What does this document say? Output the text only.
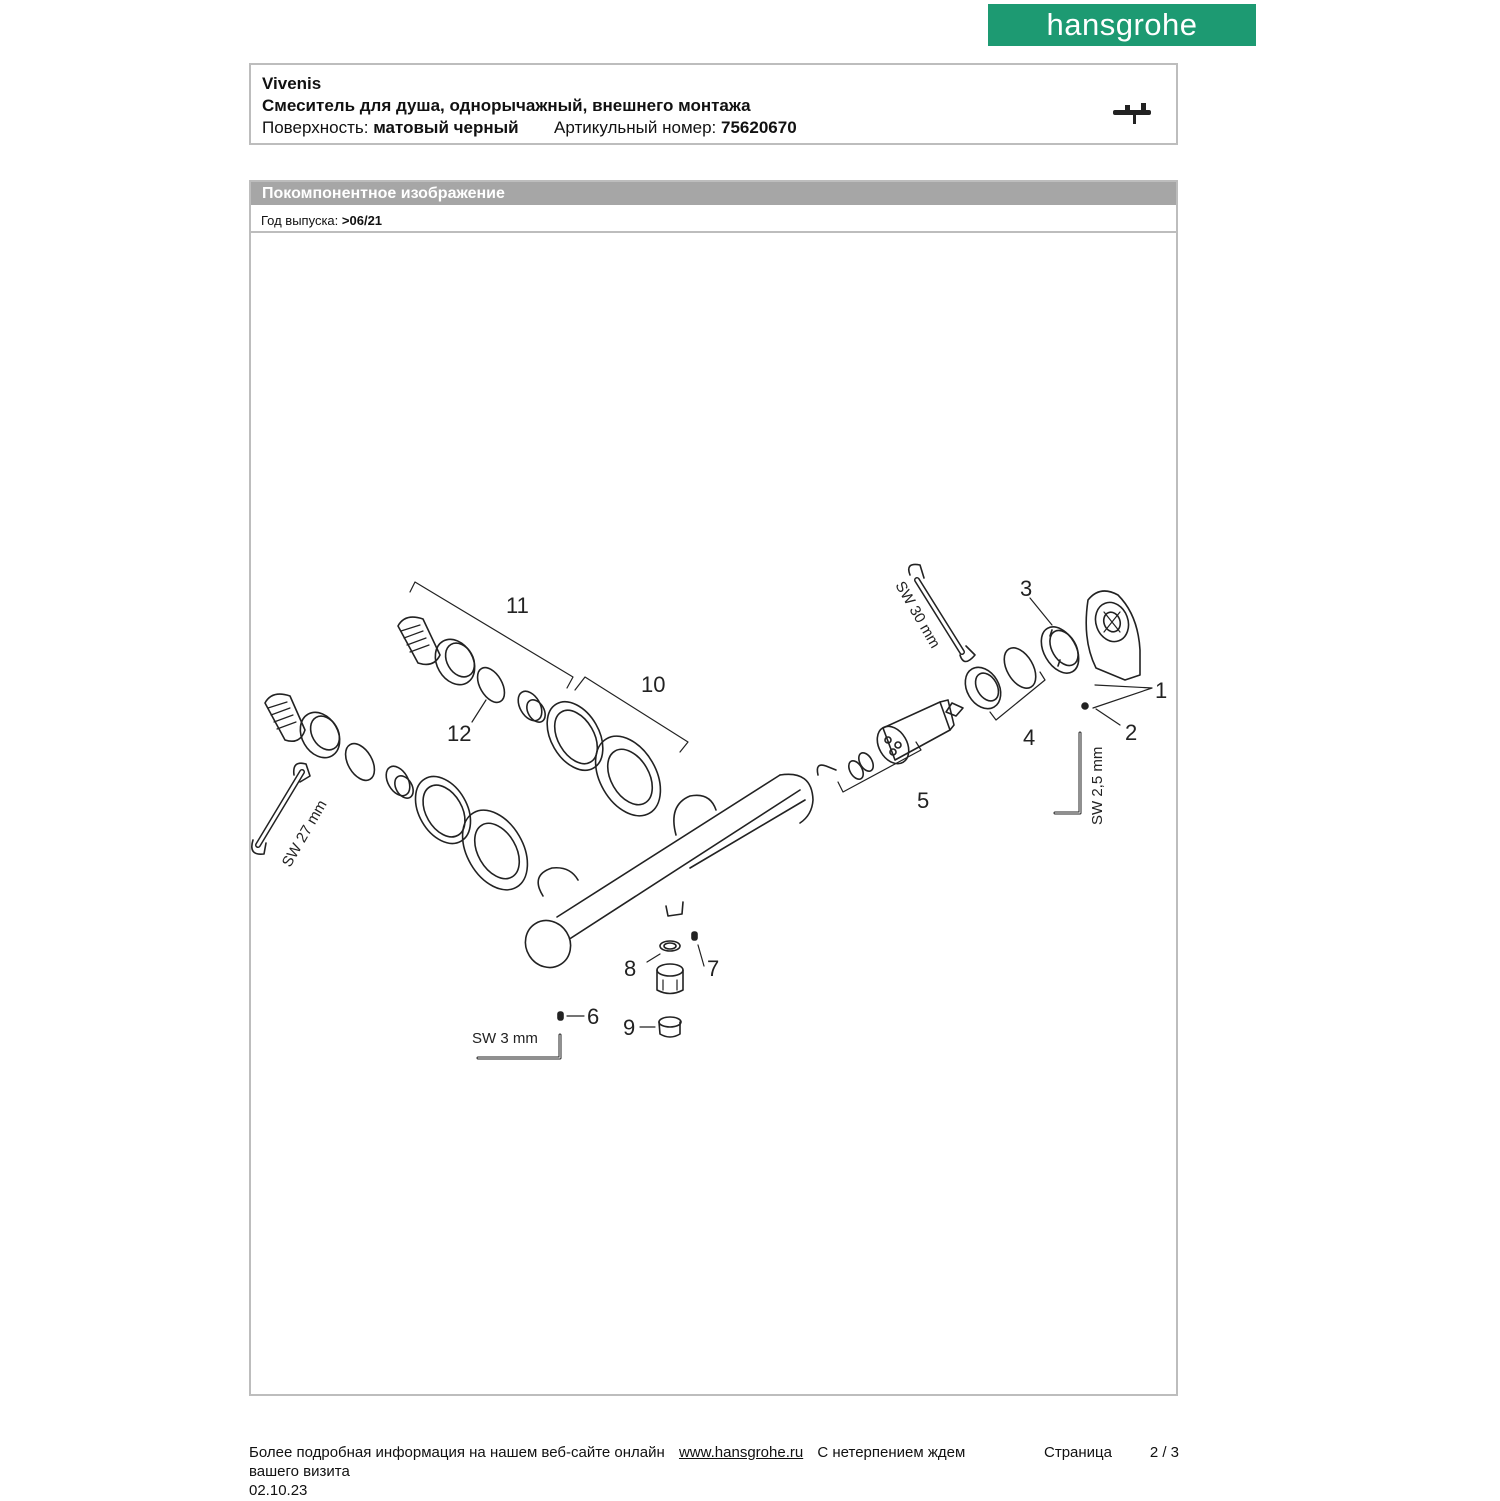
hansgrohe
Vivenis
Смеситель для душа, однорычажный, внешнего монтажа
Поверхность: матовый черный Артикульный номер: 75620670
Покомпонентное изображение
Год выпуска: >06/21
1
2
3
4
5
6
7
8
9
10
11
12
SW 27 mm
SW 30 mm
SW 2,5 mm
SW 3 mm
Более подробная информация на нашем веб-сайте онлайн www.hansgrohe.ru С нетерпением ждем	Страница	2 / 3
вашего визита
02.10.23
